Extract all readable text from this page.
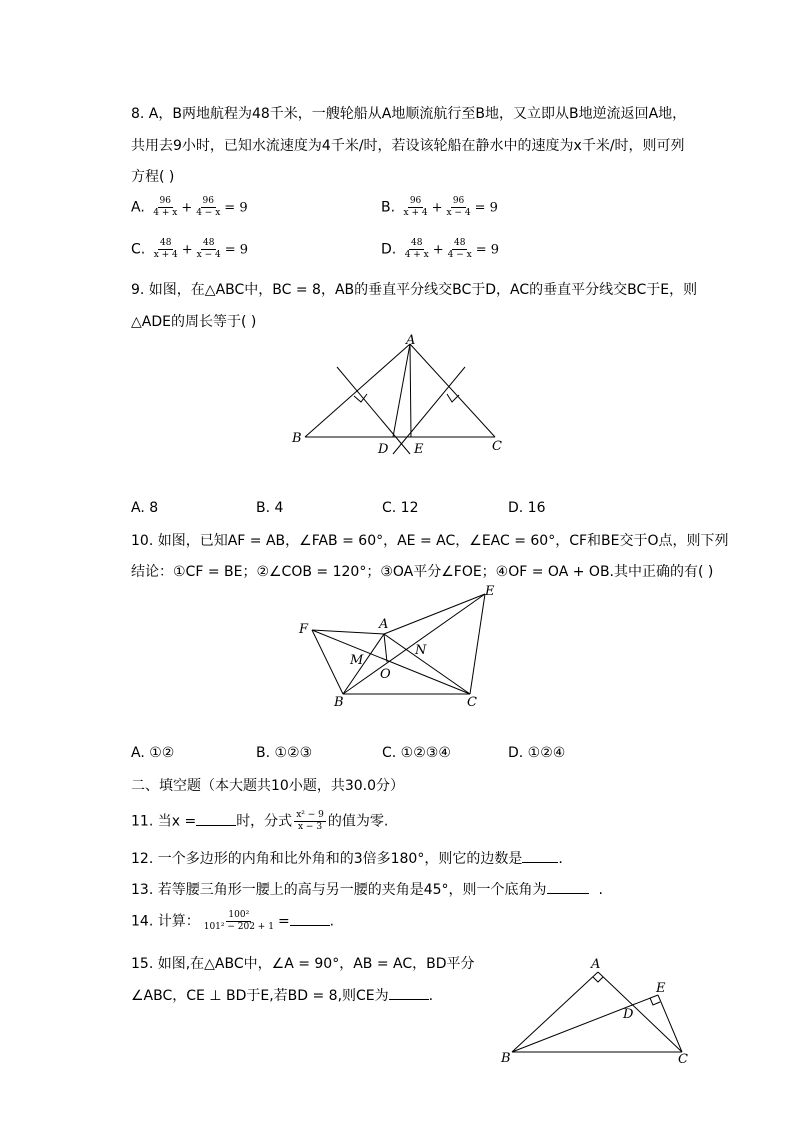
8. A，B两地航程为48千米，一艘轮船从A地顺流航行至B地，又立即从B地逆流返回A地，
共用去9小时，已知水流速度为4千米/时，若设该轮船在静水中的速度为x千米/时，则可列
方程( )
A. $\frac{96}{4 + x} + \frac{96}{4 - x} = 9$	B. $\frac{96}{x + 4} + \frac{96}{x - 4} = 9$
C. $\frac{48}{x + 4} + \frac{48}{x - 4} = 9$	D. $\frac{48}{4 + x} + \frac{48}{4 - x} = 9$
9. 如图，在△ABC中，BC = 8，AB的垂直平分线交BC于D，AC的垂直平分线交BC于E，则
△ADE的周长等于( )
A
B
C
D E
A. 8	B. 4	C. 12	D. 16
10. 如图，已知AF = AB，∠FAB = 60°，AE = AC，∠EAC = 60°，CF和BE交于O点，则下列
结论：①CF = BE；②∠COB = 120°；③OA平分∠FOE；④OF = OA + OB.其中正确的有( )
F	A
E
M
N
O
B	C
A. ①②	B. ①②③	C. ①②③④	D. ①②④
二、填空题（本大题共10小题，共30.0分）
11. 当x =	时，分式 $\frac{\text{x² − 9}}{x - 3}$ 的值为零.
12. 一个多边形的内角和比外角和的3倍多180°，则它的边数是	.
13. 若等腰三角形一腰上的高与另一腰的夹角是45°，则一个底角为	.
14. 计算： $\frac{\text{100²}}{\text{101² − 202 + 1}}$ =	.
15. 如图,在△ABC中，∠A = 90°，AB = AC，BD平分
∠ABC，CE ⊥ BD于E,若BD = 8,则CE为	.
A
E
D
B	C
